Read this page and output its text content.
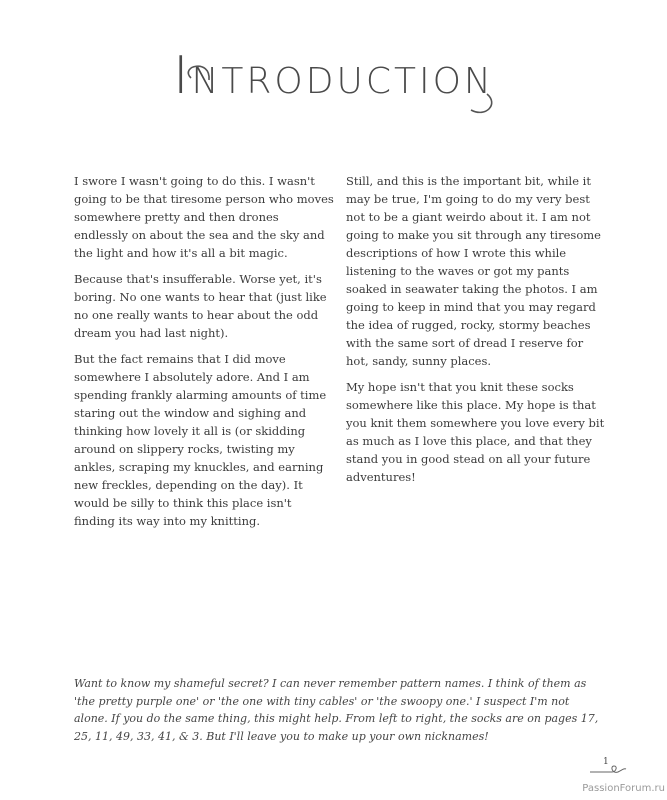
Introduction

I swore I wasn't going to do this. I wasn't going to be that tiresome person who moves somewhere pretty and then drones endlessly on about the sea and the sky and the light and how it's all a bit magic.

Because that's insufferable. Worse yet, it's boring. No one wants to hear that (just like no one really wants to hear about the odd dream you had last night).

But the fact remains that I did move somewhere I absolutely adore. And I am spending frankly alarming amounts of time staring out the window and sighing and thinking how lovely it all is (or skidding around on slippery rocks, twisting my ankles, scraping my knuckles, and earning new freckles, depending on the day). It would be silly to think this place isn't finding its way into my knitting.

Still, and this is the important bit, while it may be true, I'm going to do my very best not to be a giant weirdo about it. I am not going to make you sit through any tiresome descriptions of how I wrote this while listening to the waves or got my pants soaked in seawater taking the photos. I am going to keep in mind that you may regard the idea of rugged, rocky, stormy beaches with the same sort of dread I reserve for hot, sandy, sunny places.

My hope isn't that you knit these socks somewhere like this place. My hope is that you knit them somewhere you love every bit as much as I love this place, and that they stand you in good stead on all your future adventures!

Want to know my shameful secret? I can never remember pattern names. I think of them as 'the pretty purple one' or 'the one with tiny cables' or 'the swoopy one.' I suspect I'm not alone. If you do the same thing, this might help. From left to right, the socks are on pages 17, 25, 11, 49, 33, 41, & 3. But I'll leave you to make up your own nicknames!
1
PassionForum.ru
